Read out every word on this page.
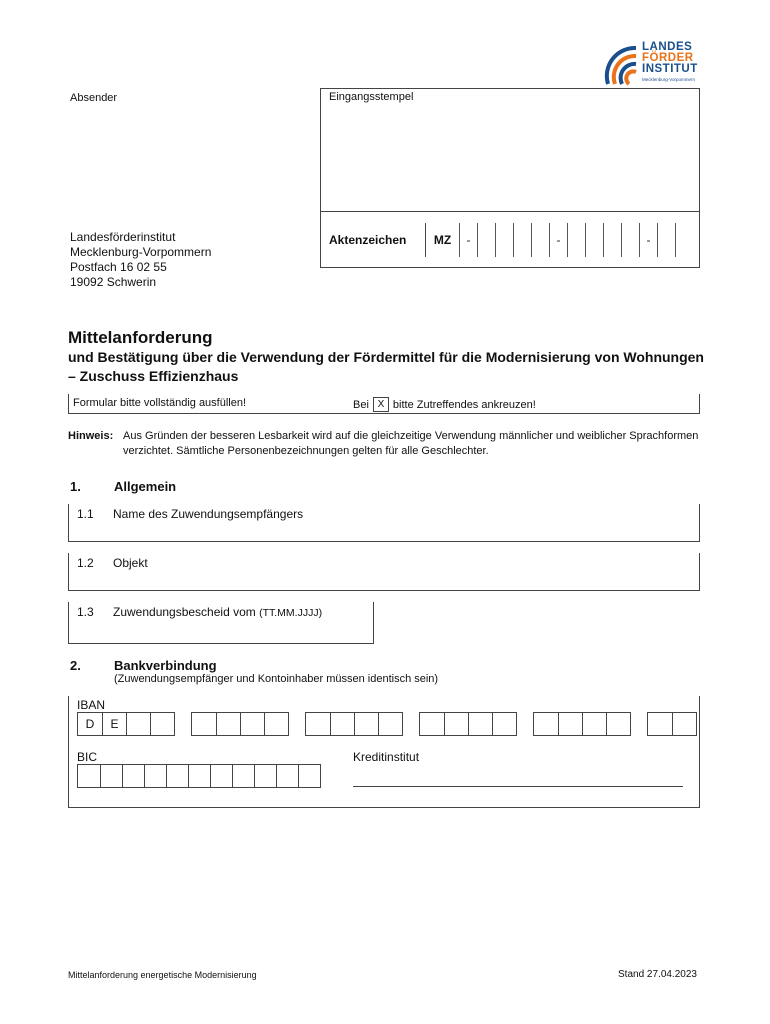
LANDES
FÖRDER
INSTITUT
Mecklenburg-Vorpommern
Absender	Eingangsstempel
Aktenzeichen	MZ	-	-	-
Landesförderinstitut
Mecklenburg-Vorpommern
Postfach 16 02 55
19092 Schwerin
Mittelanforderung
und Bestätigung über die Verwendung der Fördermittel für die Modernisierung von Wohnungen – Zuschuss Effizienzhaus
Formular bitte vollständig ausfüllen!	Bei X bitte Zutreffendes ankreuzen!
Hinweis: Aus Gründen der besseren Lesbarkeit wird auf die gleichzeitige Verwendung männlicher und weiblicher Sprachformen verzichtet. Sämtliche Personenbezeichnungen gelten für alle Geschlechter.
1.	Allgemein
1.1 Name des Zuwendungsempfängers
1.2 Objekt
1.3 Zuwendungsbescheid vom (TT.MM.JJJJ)
2.	Bankverbindung
(Zuwendungsempfänger und Kontoinhaber müssen identisch sein)
IBAN
D	E
BIC	Kreditinstitut
Mittelanforderung energetische Modernisierung	Stand 27.04.2023
